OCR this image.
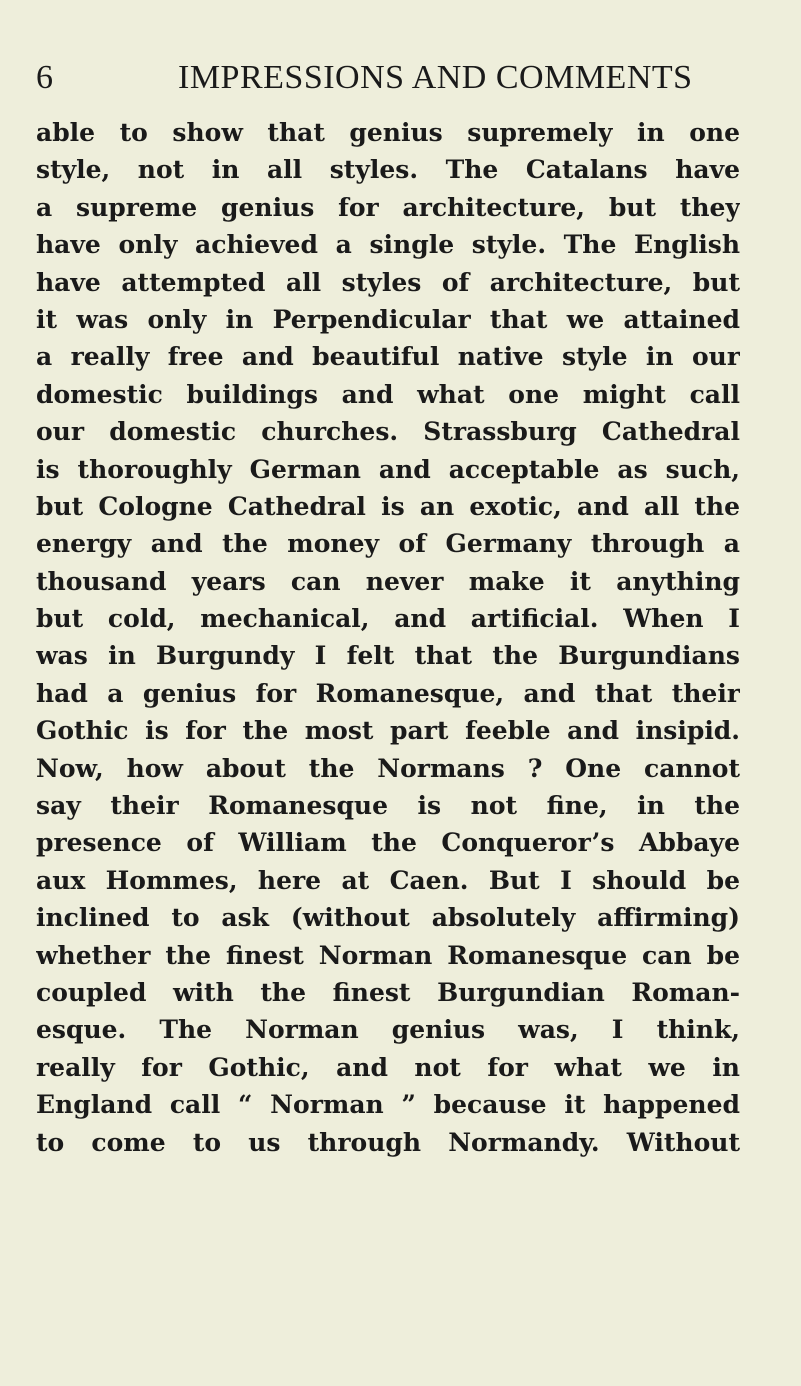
6	IMPRESSIONS AND COMMENTS
able to show that genius supremely in one
style, not in all styles. The Catalans have
a supreme genius for architecture, but they
have only achieved a single style. The English
have attempted all styles of architecture, but
it was only in Perpendicular that we attained
a really free and beautiful native style in our
domestic buildings and what one might call
our domestic churches. Strassburg Cathedral
is thoroughly German and acceptable as such,
but Cologne Cathedral is an exotic, and all the
energy and the money of Germany through a
thousand years can never make it anything
but cold, mechanical, and artificial. When I
was in Burgundy I felt that the Burgundians
had a genius for Romanesque, and that their
Gothic is for the most part feeble and insipid.
Now, how about the Normans ? One cannot
say their Romanesque is not fine, in the
presence of William the Conqueror’s Abbaye
aux Hommes, here at Caen. But I should be
inclined to ask (without absolutely affirming)
whether the finest Norman Romanesque can be
coupled with the finest Burgundian Roman-
esque. The Norman genius was, I think,
really for Gothic, and not for what we in
England call “ Norman ” because it happened
to come to us through Normandy. Without
